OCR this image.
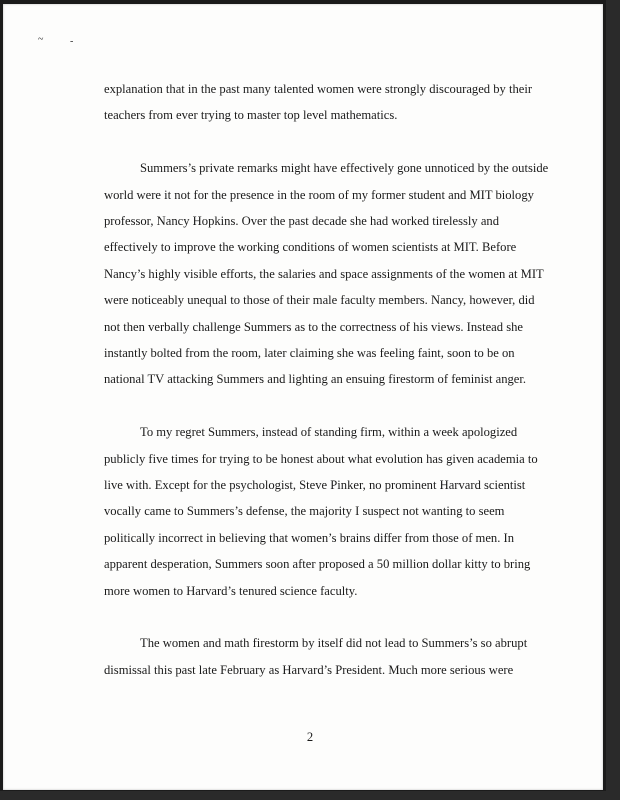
~	-

explanation that in the past many talented women were strongly discouraged by their
teachers from ever trying to master top level mathematics.

Summers’s private remarks might have effectively gone unnoticed by the outside
world were it not for the presence in the room of my former student and MIT biology
professor, Nancy Hopkins. Over the past decade she had worked tirelessly and
effectively to improve the working conditions of women scientists at MIT. Before
Nancy’s highly visible efforts, the salaries and space assignments of the women at MIT
were noticeably unequal to those of their male faculty members. Nancy, however, did
not then verbally challenge Summers as to the correctness of his views. Instead she
instantly bolted from the room, later claiming she was feeling faint, soon to be on
national TV attacking Summers and lighting an ensuing firestorm of feminist anger.

To my regret Summers, instead of standing firm, within a week apologized
publicly five times for trying to be honest about what evolution has given academia to
live with. Except for the psychologist, Steve Pinker, no prominent Harvard scientist
vocally came to Summers’s defense, the majority I suspect not wanting to seem
politically incorrect in believing that women’s brains differ from those of men. In
apparent desperation, Summers soon after proposed a 50 million dollar kitty to bring
more women to Harvard’s tenured science faculty.

The women and math firestorm by itself did not lead to Summers’s so abrupt
dismissal this past late February as Harvard’s President. Much more serious were

2
